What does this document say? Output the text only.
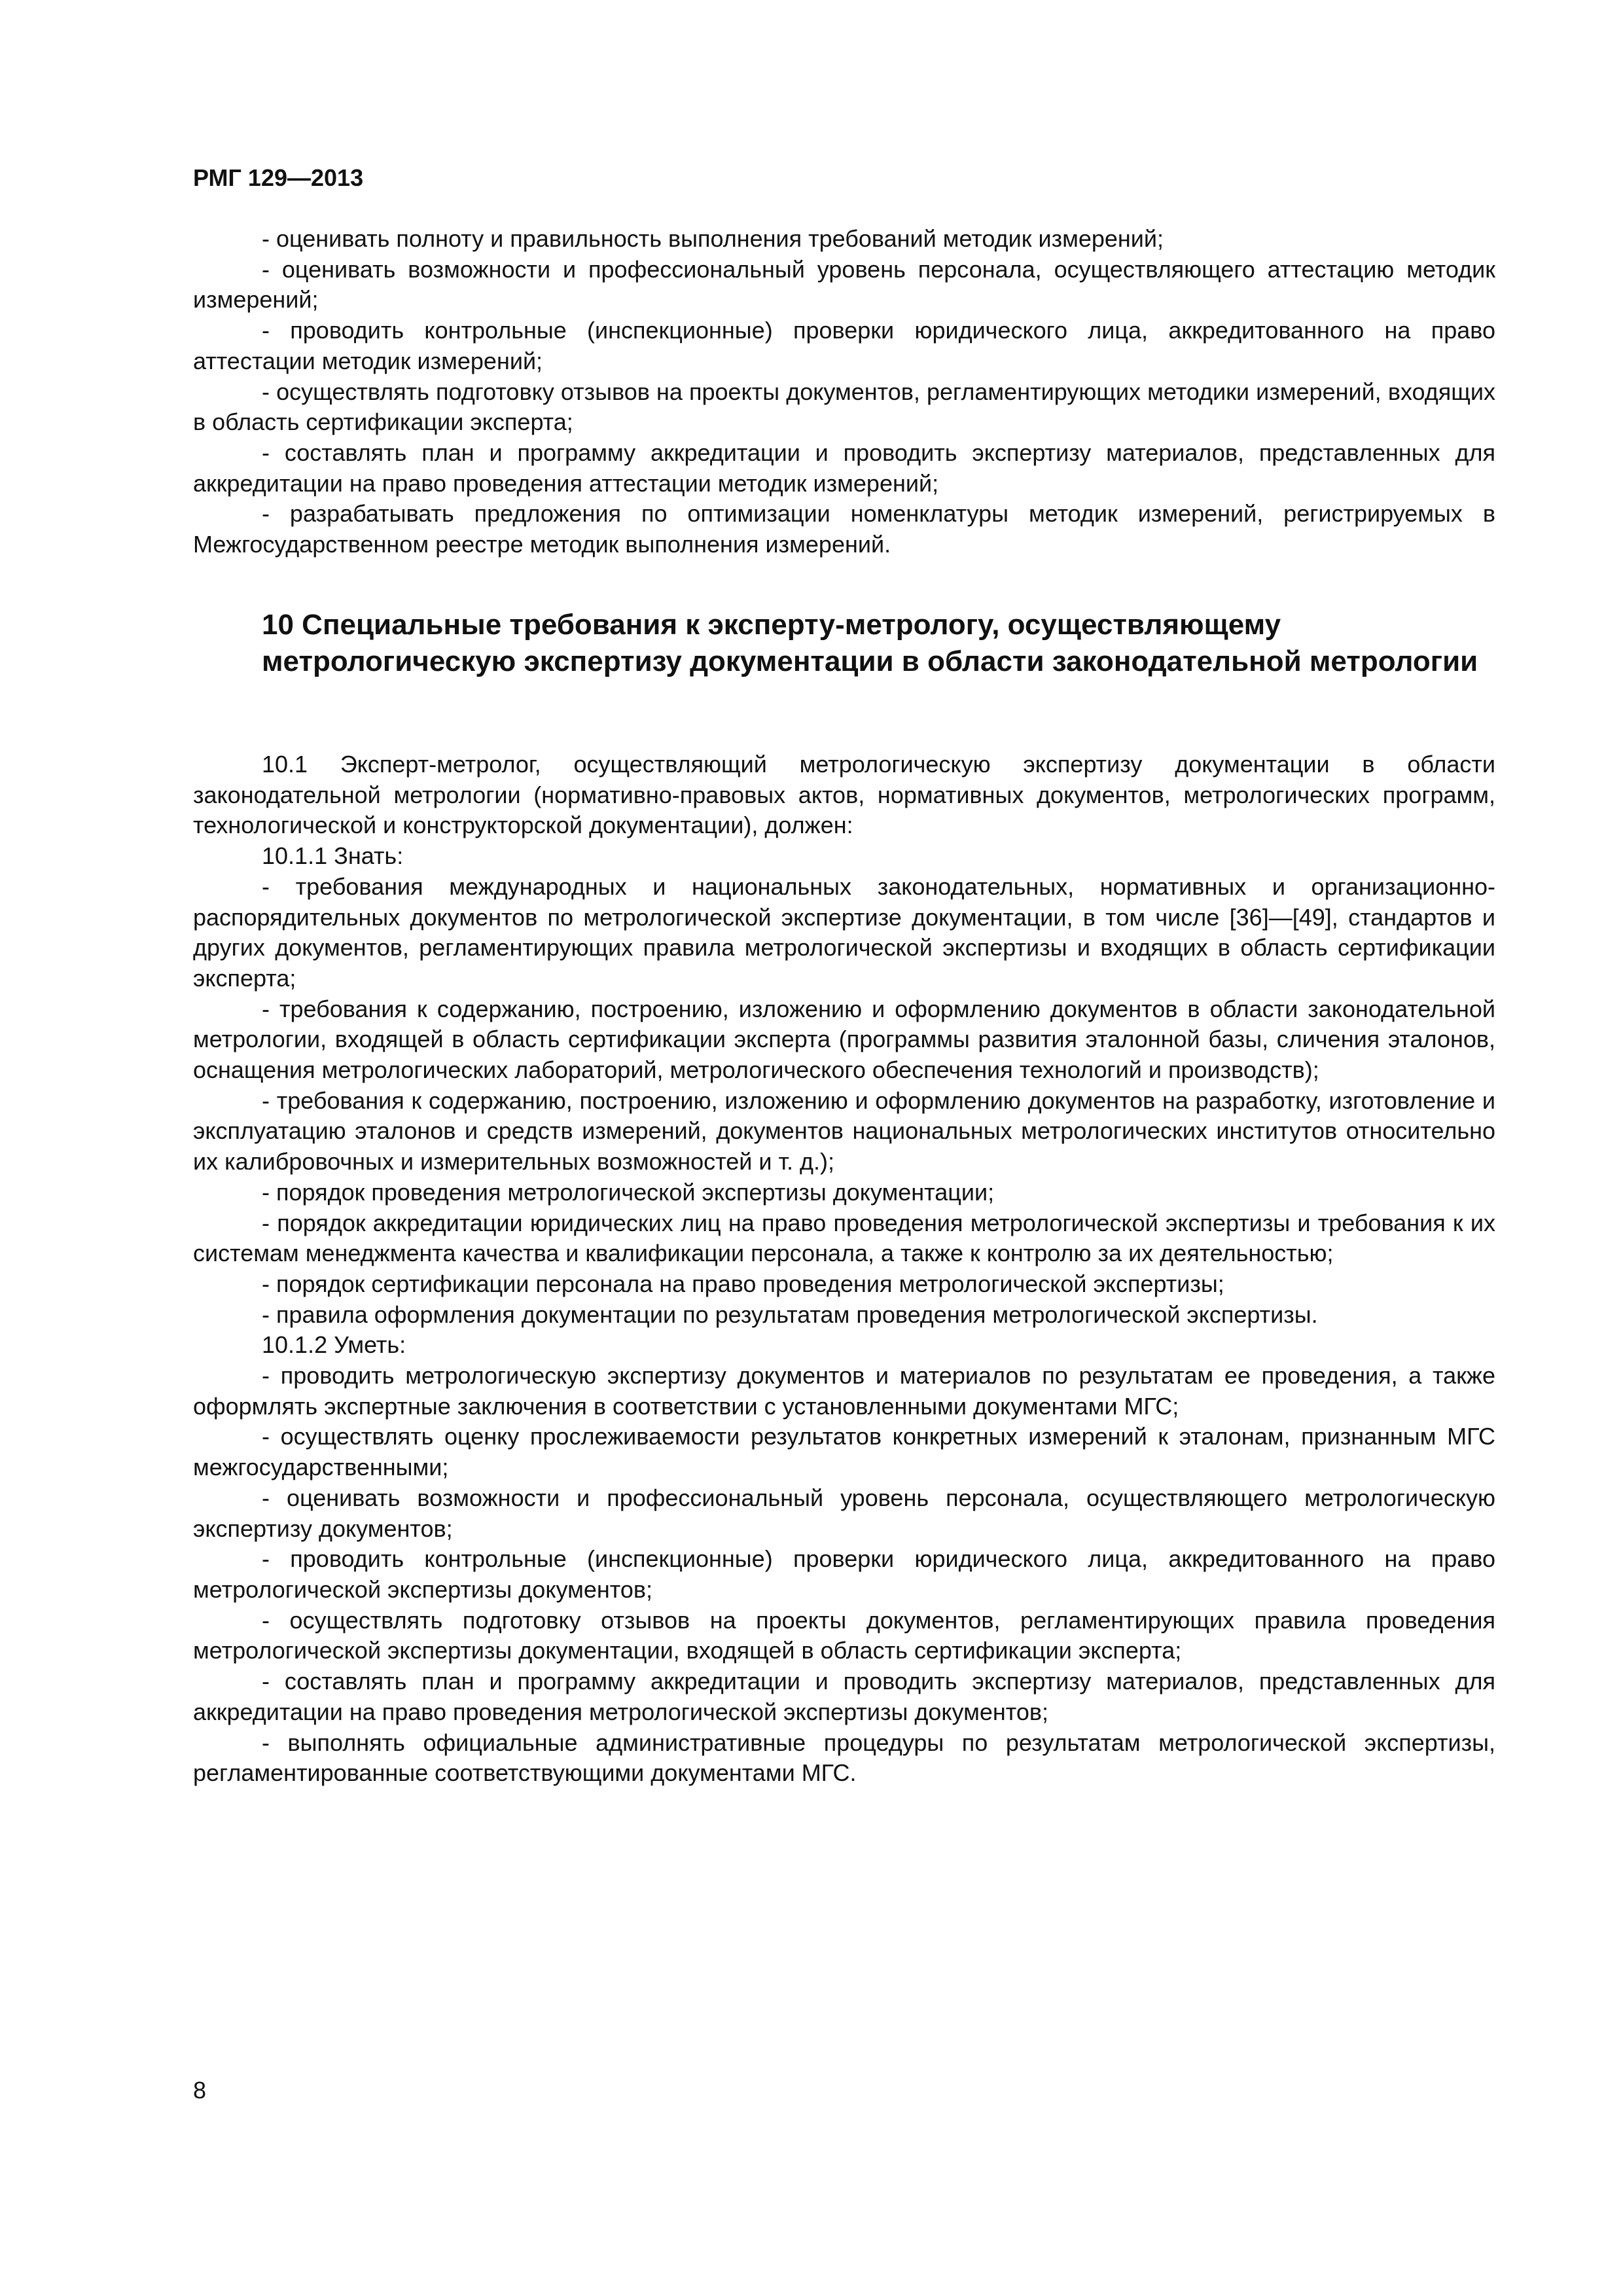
РМГ 129—2013

- оценивать полноту и правильность выполнения требований методик измерений;

- оценивать возможности и профессиональный уровень персонала, осуществляющего аттестацию методик измерений;

- проводить контрольные (инспекционные) проверки юридического лица, аккредитованного на право аттестации методик измерений;

- осуществлять подготовку отзывов на проекты документов, регламентирующих методики измерений, входящих в область сертификации эксперта;

- составлять план и программу аккредитации и проводить экспертизу материалов, представленных для аккредитации на право проведения аттестации методик измерений;

- разрабатывать предложения по оптимизации номенклатуры методик измерений, регистрируемых в Межгосударственном реестре методик выполнения измерений.

10 Специальные требования к эксперту-метрологу, осуществляющему метрологическую экспертизу документации в области законодательной метрологии

10.1 Эксперт-метролог, осуществляющий метрологическую экспертизу документации в области законодательной метрологии (нормативно-правовых актов, нормативных документов, метрологических программ, технологической и конструкторской документации), должен:

10.1.1 Знать:

- требования международных и национальных законодательных, нормативных и организационно-распорядительных документов по метрологической экспертизе документации, в том числе [36]—[49], стандартов и других документов, регламентирующих правила метрологической экспертизы и входящих в область сертификации эксперта;

- требования к содержанию, построению, изложению и оформлению документов в области законодательной метрологии, входящей в область сертификации эксперта (программы развития эталонной базы, сличения эталонов, оснащения метрологических лабораторий, метрологического обеспечения технологий и производств);

- требования к содержанию, построению, изложению и оформлению документов на разработку, изготовление и эксплуатацию эталонов и средств измерений, документов национальных метрологических институтов относительно их калибровочных и измерительных возможностей и т. д.);

- порядок проведения метрологической экспертизы документации;

- порядок аккредитации юридических лиц на право проведения метрологической экспертизы и требования к их системам менеджмента качества и квалификации персонала, а также к контролю за их деятельностью;

- порядок сертификации персонала на право проведения метрологической экспертизы;

- правила оформления документации по результатам проведения метрологической экспертизы.

10.1.2 Уметь:

- проводить метрологическую экспертизу документов и материалов по результатам ее проведения, а также оформлять экспертные заключения в соответствии с установленными документами МГС;

- осуществлять оценку прослеживаемости результатов конкретных измерений к эталонам, признанным МГС межгосударственными;

- оценивать возможности и профессиональный уровень персонала, осуществляющего метрологическую экспертизу документов;

- проводить контрольные (инспекционные) проверки юридического лица, аккредитованного на право метрологической экспертизы документов;

- осуществлять подготовку отзывов на проекты документов, регламентирующих правила проведения метрологической экспертизы документации, входящей в область сертификации эксперта;

- составлять план и программу аккредитации и проводить экспертизу материалов, представленных для аккредитации на право проведения метрологической экспертизы документов;

- выполнять официальные административные процедуры по результатам метрологической экспертизы, регламентированные соответствующими документами МГС.

8
